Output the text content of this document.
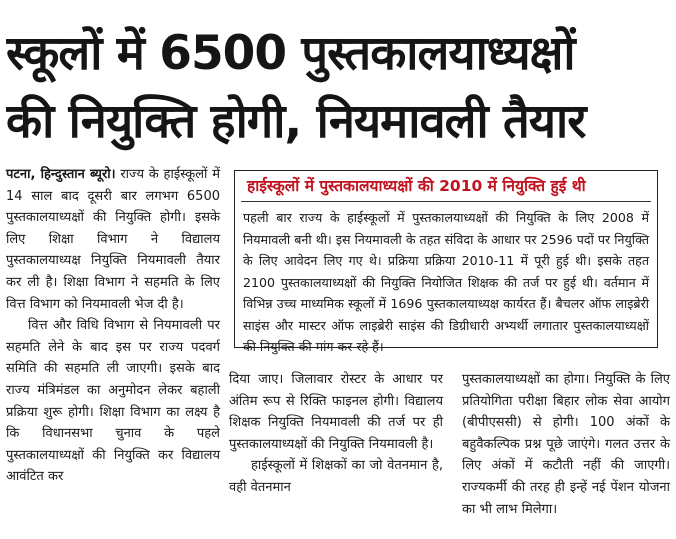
स्कूलों में 6500 पुस्तकालयाध्यक्षों
की नियुक्ति होगी, नियमावली तैयार

पटना, हिन्दुस्तान ब्यूरो। राज्य के हाईस्कूलों में 14 साल बाद दूसरी बार लगभग 6500 पुस्तकालयाध्यक्षों की नियुक्ति होगी। इसके लिए शिक्षा विभाग ने विद्यालय पुस्तकालयाध्यक्ष नियुक्ति नियमावली तैयार कर ली है। शिक्षा विभाग ने सहमति के लिए वित्त विभाग को नियमावली भेज दी है।

वित्त और विधि विभाग से नियमावली पर सहमति लेने के बाद इस पर राज्य पदवर्ग समिति की सहमति ली जाएगी। इसके बाद राज्य मंत्रिमंडल का अनुमोदन लेकर बहाली प्रक्रिया शुरू होगी। शिक्षा विभाग का लक्ष्य है कि विधानसभा चुनाव के पहले पुस्तकालयाध्यक्षों की नियुक्ति कर विद्यालय आवंटित कर

हाईस्कूलों में पुस्तकालयाध्यक्षों की 2010 में नियुक्ति हुई थी

पहली बार राज्य के हाईस्कूलों में पुस्तकालयाध्यक्षों की नियुक्ति के लिए 2008 में नियमावली बनी थी। इस नियमावली के तहत संविदा के आधार पर 2596 पदों पर नियुक्ति के लिए आवेदन लिए गए थे। प्रक्रिया प्रक्रिया 2010-11 में पूरी हुई थी। इसके तहत 2100 पुस्तकालयाध्यक्षों की नियुक्ति नियोजित शिक्षक की तर्ज पर हुई थी। वर्तमान में विभिन्न उच्च माध्यमिक स्कूलों में 1696 पुस्तकालयाध्यक्ष कार्यरत हैं। बैचलर ऑफ लाइब्रेरी साइंस और मास्टर ऑफ लाइब्रेरी साइंस की डिग्रीधारी अभ्यर्थी लगातार पुस्तकालयाध्यक्षों की नियुक्ति की मांग कर रहे हैं।

दिया जाए। जिलावार रोस्टर के आधार पर अंतिम रूप से रिक्ति फाइनल होगी। विद्यालय शिक्षक नियुक्ति नियमावली की तर्ज पर ही पुस्तकालयाध्यक्षों की नियुक्ति नियमावली है।

हाईस्कूलों में शिक्षकों का जो वेतनमान है, वही वेतनमान

पुस्तकालयाध्यक्षों का होगा। नियुक्ति के लिए प्रतियोगिता परीक्षा बिहार लोक सेवा आयोग (बीपीएससी) से होगी। 100 अंकों के बहुवैकल्पिक प्रश्न पूछे जाएंगे। गलत उत्तर के लिए अंकों में कटौती नहीं की जाएगी। राज्यकर्मी की तरह ही इन्हें नई पेंशन योजना का भी लाभ मिलेगा।
